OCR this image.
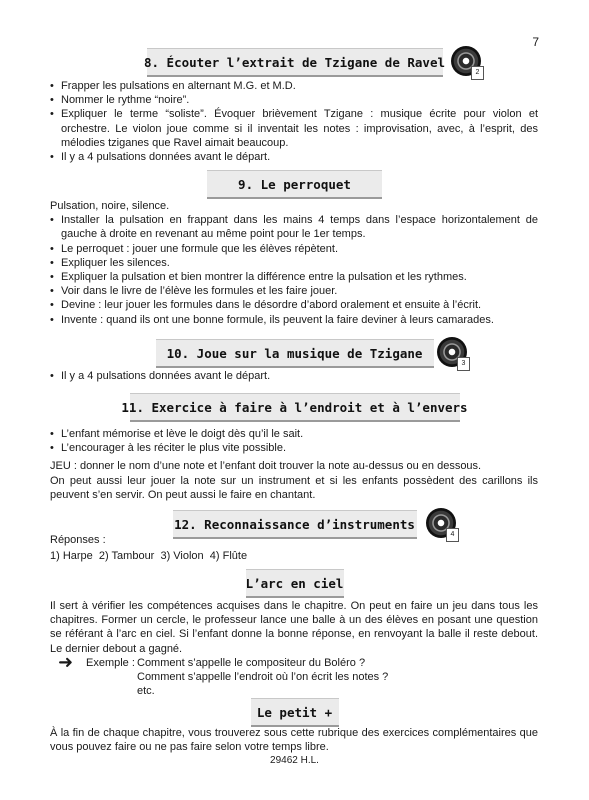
7
8. Écouter l’extrait de Tzigane de Ravel
2
• Frapper les pulsations en alternant M.G. et M.D.
• Nommer le rythme “noire”.
• Expliquer le terme “soliste”. Évoquer brièvement Tzigane : musique écrite pour violon et orchestre. Le violon joue comme si il inventait les notes : improvisation, avec, à l’esprit, des mélodies tziganes que Ravel aimait beaucoup.
• Il y a 4 pulsations données avant le départ.
9. Le perroquet

Pulsation, noire, silence.

• Installer la pulsation en frappant dans les mains 4 temps dans l’espace horizontalement de gauche à droite en revenant au même point pour le 1er temps.
• Le perroquet : jouer une formule que les élèves répètent.
• Expliquer les silences.
• Expliquer la pulsation et bien montrer la différence entre la pulsation et les rythmes.
• Voir dans le livre de l’élève les formules et les faire jouer.
• Devine : leur jouer les formules dans le désordre d’abord oralement et ensuite à l’écrit.
• Invente : quand ils ont une bonne formule, ils peuvent la faire deviner à leurs camarades.
10. Joue sur la musique de Tzigane
3
• Il y a 4 pulsations données avant le départ.
11. Exercice à faire à l’endroit et à l’envers
• L’enfant mémorise et lève le doigt dès qu’il le sait.
• L’encourager à les réciter le plus vite possible.

JEU : donner le nom d’une note et l’enfant doit trouver la note au-dessus ou en dessous.

On peut aussi leur jouer la note sur un instrument et si les enfants possèdent des carillons ils peuvent s’en servir. On peut aussi le faire en chantant.

12. Reconnaissance d’instruments
4

Réponses :

1) Harpe  2) Tambour  3) Violon  4) Flûte

L’arc en ciel

Il sert à vérifier les compétences acquises dans le chapitre. On peut en faire un jeu dans tous les chapitres. Former un cercle, le professeur lance une balle à un des élèves en posant une question se référant à l’arc en ciel. Si l’enfant donne la bonne réponse, en renvoyant la balle il reste debout. Le dernier debout a gagné.

➜ Exemple : Comment s’appelle le compositeur du Boléro ?
Comment s’appelle l’endroit où l’on écrit les notes ?
etc.
Le petit +

À la fin de chaque chapitre, vous trouverez sous cette rubrique des exercices complémentaires que vous pouvez faire ou ne pas faire selon votre temps libre.

29462 H.L.
